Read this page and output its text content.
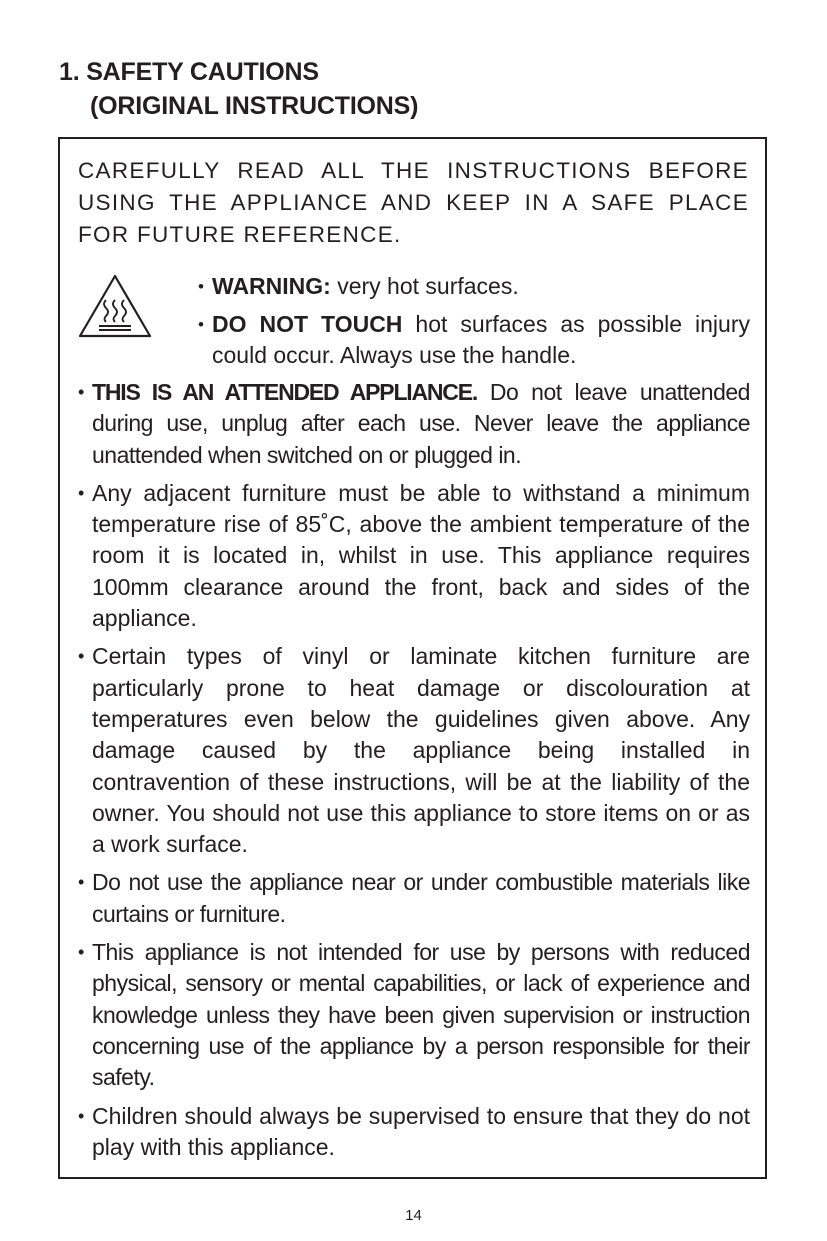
1. SAFETY CAUTIONS
(ORIGINAL INSTRUCTIONS)
CAREFULLY READ ALL THE INSTRUCTIONS BEFORE USING THE APPLIANCE AND KEEP IN A SAFE PLACE FOR FUTURE REFERENCE.
• WARNING: very hot surfaces.
• DO NOT TOUCH hot surfaces as possible injury could occur. Always use the handle.
• THIS IS AN ATTENDED APPLIANCE. Do not leave unattended during use, unplug after each use. Never leave the appliance unattended when switched on or plugged in.
• Any adjacent furniture must be able to withstand a minimum temperature rise of 85˚C, above the ambient temperature of the room it is located in, whilst in use. This appliance requires 100mm clearance around the front, back and sides of the appliance.
• Certain types of vinyl or laminate kitchen furniture are particularly prone to heat damage or discolouration at temperatures even below the guidelines given above. Any damage caused by the appliance being installed in contravention of these instructions, will be at the liability of the owner. You should not use this appliance to store items on or as a work surface.
• Do not use the appliance near or under combustible materials like curtains or furniture.
• This appliance is not intended for use by persons with reduced physical, sensory or mental capabilities, or lack of experience and knowledge unless they have been given supervision or instruction concerning use of the appliance by a person responsible for their safety.
• Children should always be supervised to ensure that they do not play with this appliance.
14
